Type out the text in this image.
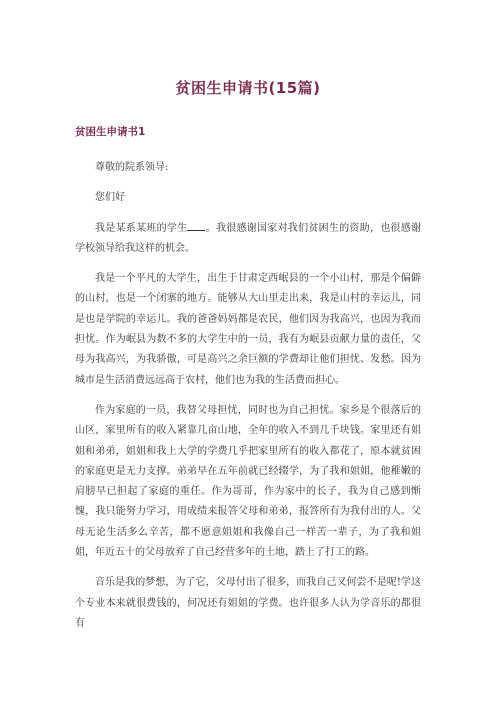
贫困生申请书(15篇)
贫困生申请书1

尊敬的院系领导:

您们好

我是某系某班的学生 。我很感谢国家对我们贫困生的资助，也很感谢学校领导给我这样的机会。

我是一个平凡的大学生，出生于甘肃定西岷县的一个小山村，那是个偏僻的山村，也是一个闭塞的地方。能够从大山里走出来，我是山村的幸运儿，同是也是学院的幸运儿。我的爸爸妈妈都是农民，他们因为我高兴，也因为我而担忧。作为岷县为数不多的大学生中的一员，我有为岷县贡献力量的责任，父母为我高兴，为我骄傲，可是高兴之余巨额的学费却让他们担忧、发愁。因为城市是生活消费远远高于农村，他们也为我的生活费而担心。

作为家庭的一员，我替父母担忧，同时也为自己担忧。家乡是个很落后的山区，家里所有的收入紧靠几亩山地，全年的收入不到几千块钱。家里还有姐姐和弟弟，姐姐和我上大学的学费几乎把家里所有的收入都花了，原本就贫困的家庭更是无力支撑。弟弟早在五年前就已经辍学，为了我和姐姐，他稚嫩的肩膀早已担起了家庭的重任。作为哥哥，作为家中的长子，我为自己感到惭愧，我只能努力学习，用成绩来报答父母和弟弟，报答所有为我付出的人。父母无论生活多么辛苦，都不愿意姐姐和我像自己一样苦一辈子，为了我和姐姐，年近五十的父母放弃了自己经营多年的土地，踏上了打工的路。

音乐是我的梦想，为了它，父母付出了很多，而我自己又何尝不是呢!学这个专业本来就很费钱的，何况还有姐姐的学费。也许很多人认为学音乐的都很有
